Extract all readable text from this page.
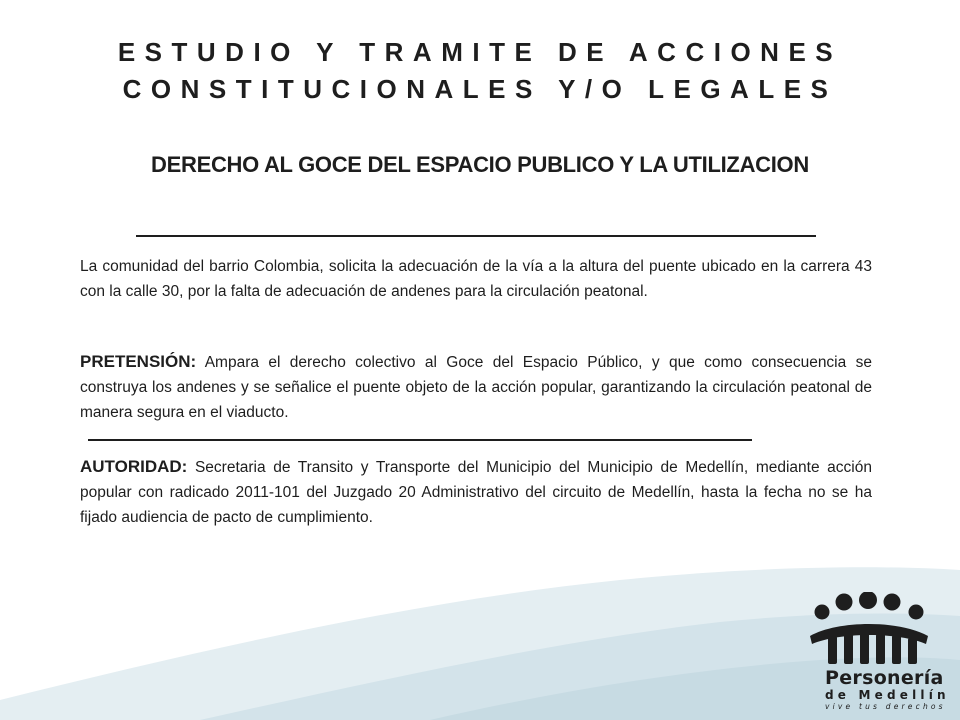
ESTUDIO Y TRAMITE DE ACCIONES
CONSTITUCIONALES Y/O LEGALES
DERECHO AL GOCE DEL ESPACIO PUBLICO Y LA UTILIZACION
La comunidad del barrio Colombia, solicita la adecuación de la vía a la altura del puente ubicado en la carrera 43 con la calle 30, por la falta de adecuación de andenes para la circulación peatonal.
PRETENSIÓN: Ampara el derecho colectivo al Goce del Espacio Público, y que como consecuencia se construya los andenes y se señalice el puente objeto de la acción popular, garantizando la circulación peatonal de manera segura en el viaducto.
AUTORIDAD: Secretaria de Transito y Transporte del Municipio del Municipio de Medellín, mediante acción popular con radicado 2011-101 del Juzgado 20 Administrativo del circuito de Medellín, hasta la fecha no se ha fijado audiencia de pacto de cumplimiento.
Personería
de Medellín
vive tus derechos
